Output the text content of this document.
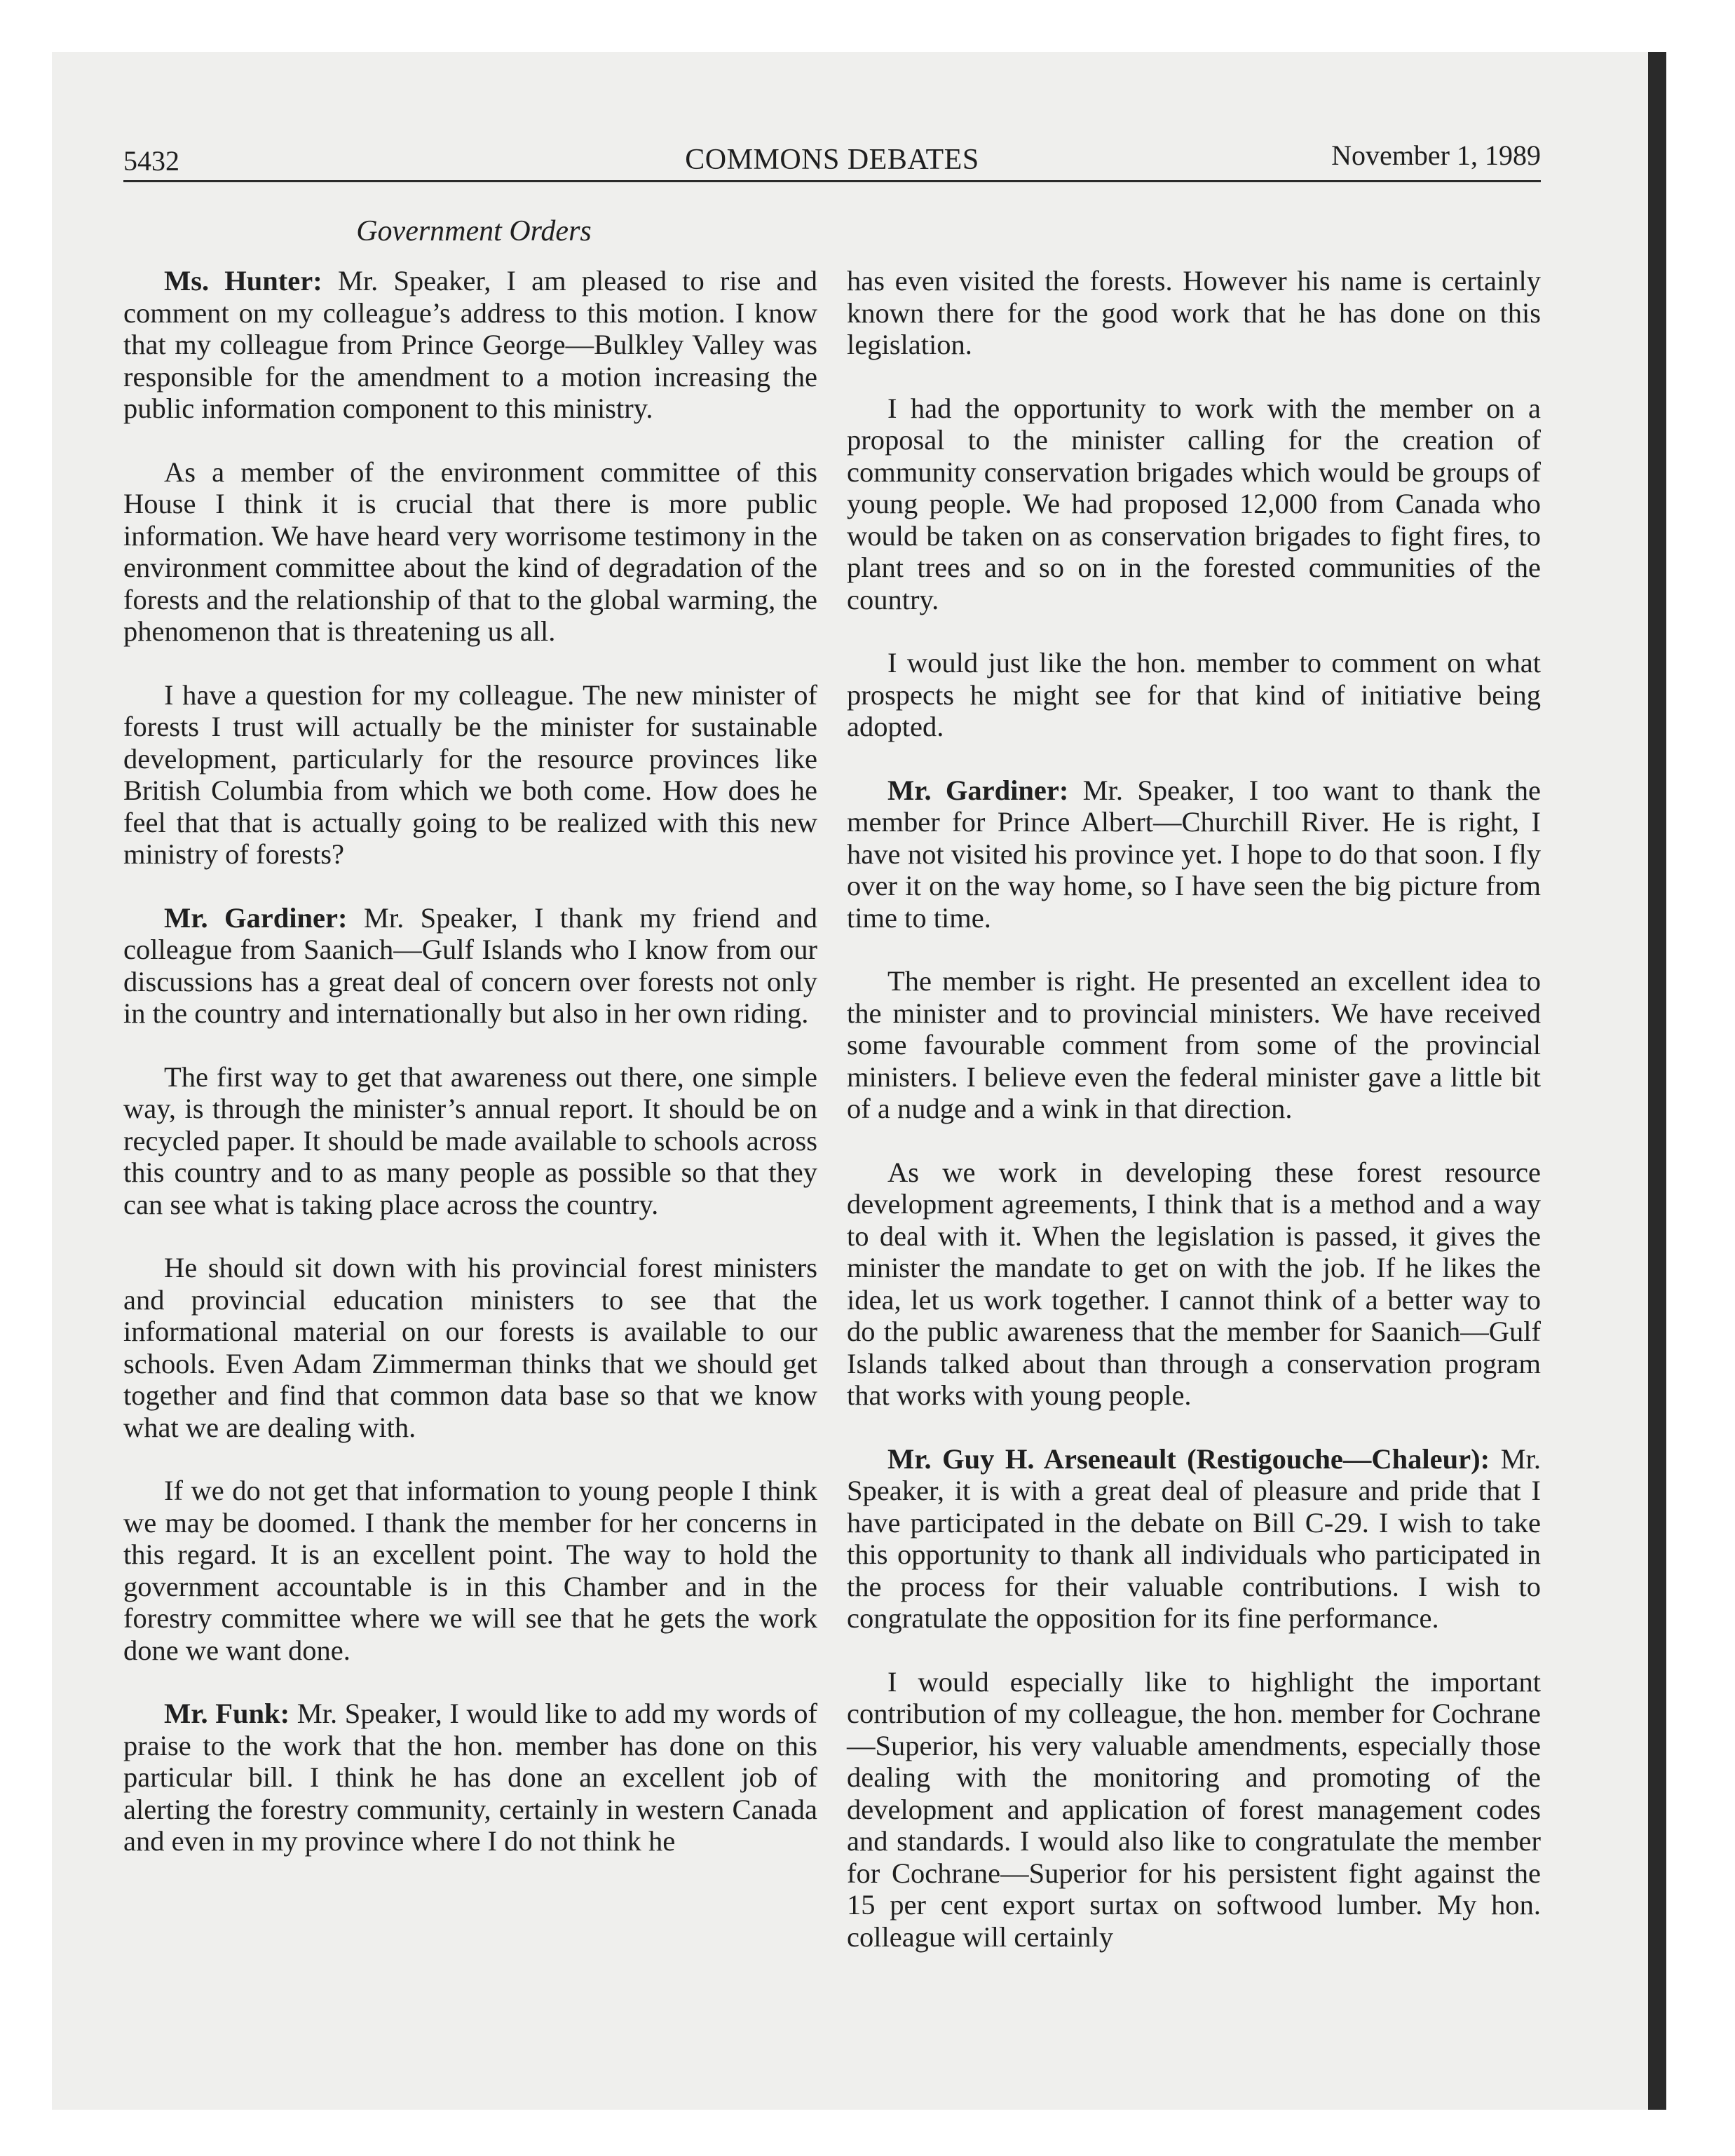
5432	COMMONS DEBATES	November 1, 1989
Government Orders

Ms. Hunter: Mr. Speaker, I am pleased to rise and comment on my colleague’s address to this motion. I know that my colleague from Prince George—Bulkley Valley was responsible for the amendment to a motion increasing the public information component to this ministry.

As a member of the environment committee of this House I think it is crucial that there is more public information. We have heard very worrisome testimony in the environment committee about the kind of degradation of the forests and the relationship of that to the global warming, the phenomenon that is threatening us all.

I have a question for my colleague. The new minister of forests I trust will actually be the minister for sustainable development, particularly for the resource provinces like British Columbia from which we both come. How does he feel that that is actually going to be realized with this new ministry of forests?

Mr. Gardiner: Mr. Speaker, I thank my friend and colleague from Saanich—Gulf Islands who I know from our discussions has a great deal of concern over forests not only in the country and internationally but also in her own riding.

The first way to get that awareness out there, one simple way, is through the minister’s annual report. It should be on recycled paper. It should be made available to schools across this country and to as many people as possible so that they can see what is taking place across the country.

He should sit down with his provincial forest ministers and provincial education ministers to see that the informational material on our forests is available to our schools. Even Adam Zimmerman thinks that we should get together and find that common data base so that we know what we are dealing with.

If we do not get that information to young people I think we may be doomed. I thank the member for her concerns in this regard. It is an excellent point. The way to hold the government accountable is in this Chamber and in the forestry committee where we will see that he gets the work done we want done.

Mr. Funk: Mr. Speaker, I would like to add my words of praise to the work that the hon. member has done on this particular bill. I think he has done an excellent job of alerting the forestry community, certainly in western Canada and even in my province where I do not think he

has even visited the forests. However his name is certainly known there for the good work that he has done on this legislation.

I had the opportunity to work with the member on a proposal to the minister calling for the creation of community conservation brigades which would be groups of young people. We had proposed 12,000 from Canada who would be taken on as conservation brigades to fight fires, to plant trees and so on in the forested communities of the country.

I would just like the hon. member to comment on what prospects he might see for that kind of initiative being adopted.

Mr. Gardiner: Mr. Speaker, I too want to thank the member for Prince Albert—Churchill River. He is right, I have not visited his province yet. I hope to do that soon. I fly over it on the way home, so I have seen the big picture from time to time.

The member is right. He presented an excellent idea to the minister and to provincial ministers. We have received some favourable comment from some of the provincial ministers. I believe even the federal minister gave a little bit of a nudge and a wink in that direction.

As we work in developing these forest resource development agreements, I think that is a method and a way to deal with it. When the legislation is passed, it gives the minister the mandate to get on with the job. If he likes the idea, let us work together. I cannot think of a better way to do the public awareness that the member for Saanich—Gulf Islands talked about than through a conservation program that works with young people.

Mr. Guy H. Arseneault (Restigouche—Chaleur): Mr. Speaker, it is with a great deal of pleasure and pride that I have participated in the debate on Bill C-29. I wish to take this opportunity to thank all individuals who participated in the process for their valuable contributions. I wish to congratulate the opposition for its fine performance.

I would especially like to highlight the important contribution of my colleague, the hon. member for Cochrane—Superior, his very valuable amendments, especially those dealing with the monitoring and promoting of the development and application of forest management codes and standards. I would also like to congratulate the member for Cochrane—Superior for his persistent fight against the 15 per cent export surtax on softwood lumber. My hon. colleague will certainly
